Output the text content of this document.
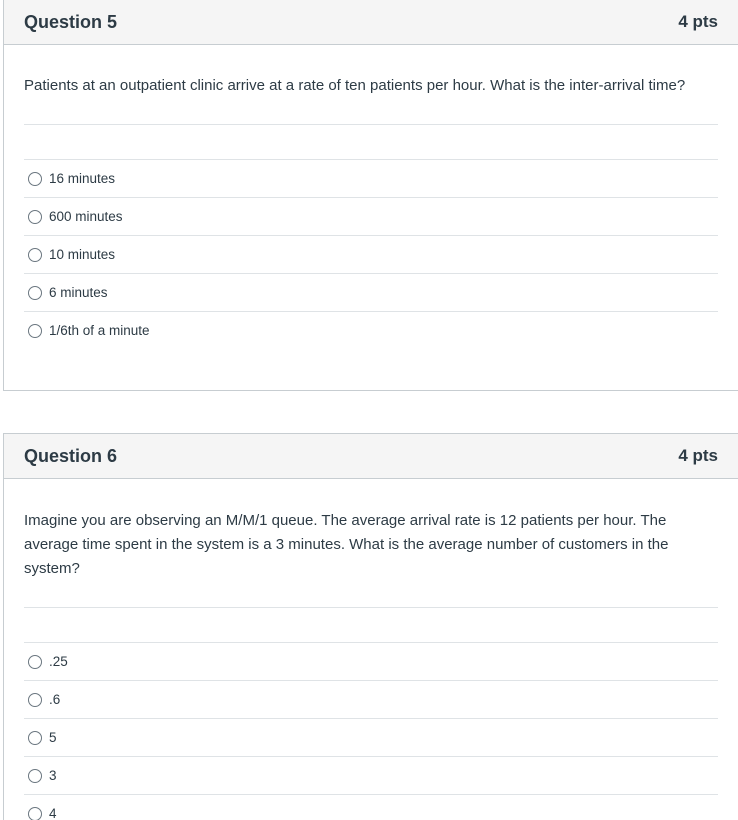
Question 5	4 pts
Patients at an outpatient clinic arrive at a rate of ten patients per hour. What is the inter-arrival time?
16 minutes
600 minutes
10 minutes
6 minutes
1/6th of a minute
Question 6	4 pts
Imagine you are observing an M/M/1 queue. The average arrival rate is 12 patients per hour. The average time spent in the system is a 3 minutes. What is the average number of customers in the system?
.25
.6
5
3
4
